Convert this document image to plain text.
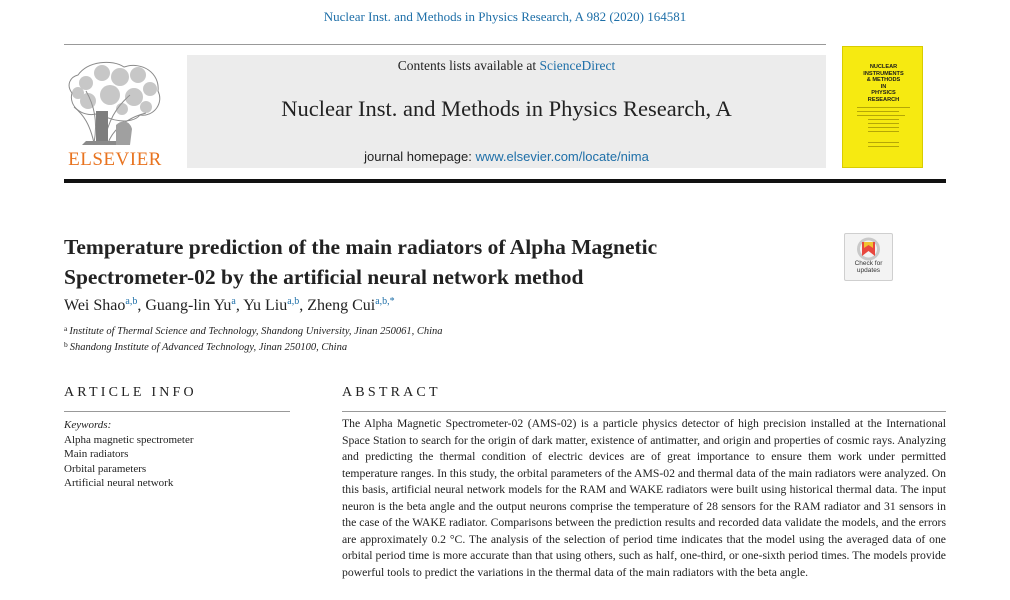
Nuclear Inst. and Methods in Physics Research, A 982 (2020) 164581
ELSEVIER
Contents lists available at ScienceDirect
Nuclear Inst. and Methods in Physics Research, A
journal homepage: www.elsevier.com/locate/nima
NUCLEAR
INSTRUMENTS
& METHODS
IN
PHYSICS
RESEARCH
Temperature prediction of the main radiators of Alpha Magnetic
Spectrometer-02 by the artificial neural network method
Check for
updates
Wei Shao$^{a,b}$, Guang-lin Yu$^a$, Yu Liu$^{a,b}$, Zheng Cui$^{a,b,*}$
$^a$ Institute of Thermal Science and Technology, Shandong University, Jinan 250061, China
$^b$ Shandong Institute of Advanced Technology, Jinan 250100, China
ARTICLE INFO	ABSTRACT
Keywords:
Alpha magnetic spectrometer
Main radiators
Orbital parameters
Artificial neural network

The Alpha Magnetic Spectrometer-02 (AMS-02) is a particle physics detector of high precision installed at the International Space Station to search for the origin of dark matter, existence of antimatter, and origin and properties of cosmic rays. Analyzing and predicting the thermal condition of electric devices are of great importance to ensure them work under permitted temperature ranges. In this study, the orbital parameters of the AMS-02 and thermal data of the main radiators were analyzed. On this basis, artificial neural network models for the RAM and WAKE radiators were built using historical thermal data. The input neuron is the beta angle and the output neurons comprise the temperature of 28 sensors for the RAM radiator and 31 sensors in the case of the WAKE radiator. Comparisons between the prediction results and recorded data validate the models, and the errors are approximately 0.2 °C. The analysis of the selection of period time indicates that the model using the averaged data of one orbital period time is more accurate than that using others, such as half, one-third, or one-sixth period times. The models provide powerful tools to predict the variations in the thermal data of the main radiators with the beta angle.
